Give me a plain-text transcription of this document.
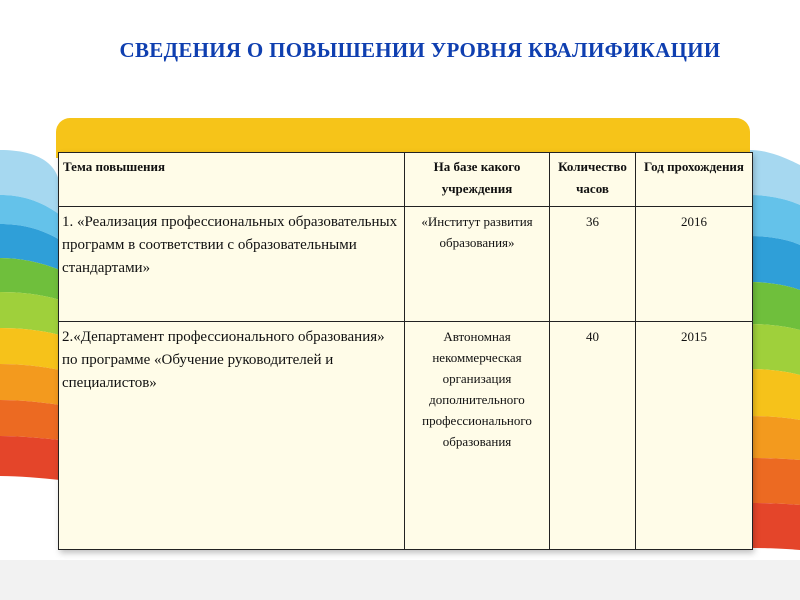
СВЕДЕНИЯ О ПОВЫШЕНИИ УРОВНЯ КВАЛИФИКАЦИИ
Тема повышения	На базе какого учреждения	Количество часов	Год прохождения
1. «Реализация профессиональных образовательных программ в соответствии с образовательными стандартами»	«Институт развития образования»	36	2016
2.«Департамент профессионального образования» по программе «Обучение руководителей и специалистов»	Автономная некоммерческая организация дополнительного профессионального образования	40	2015
